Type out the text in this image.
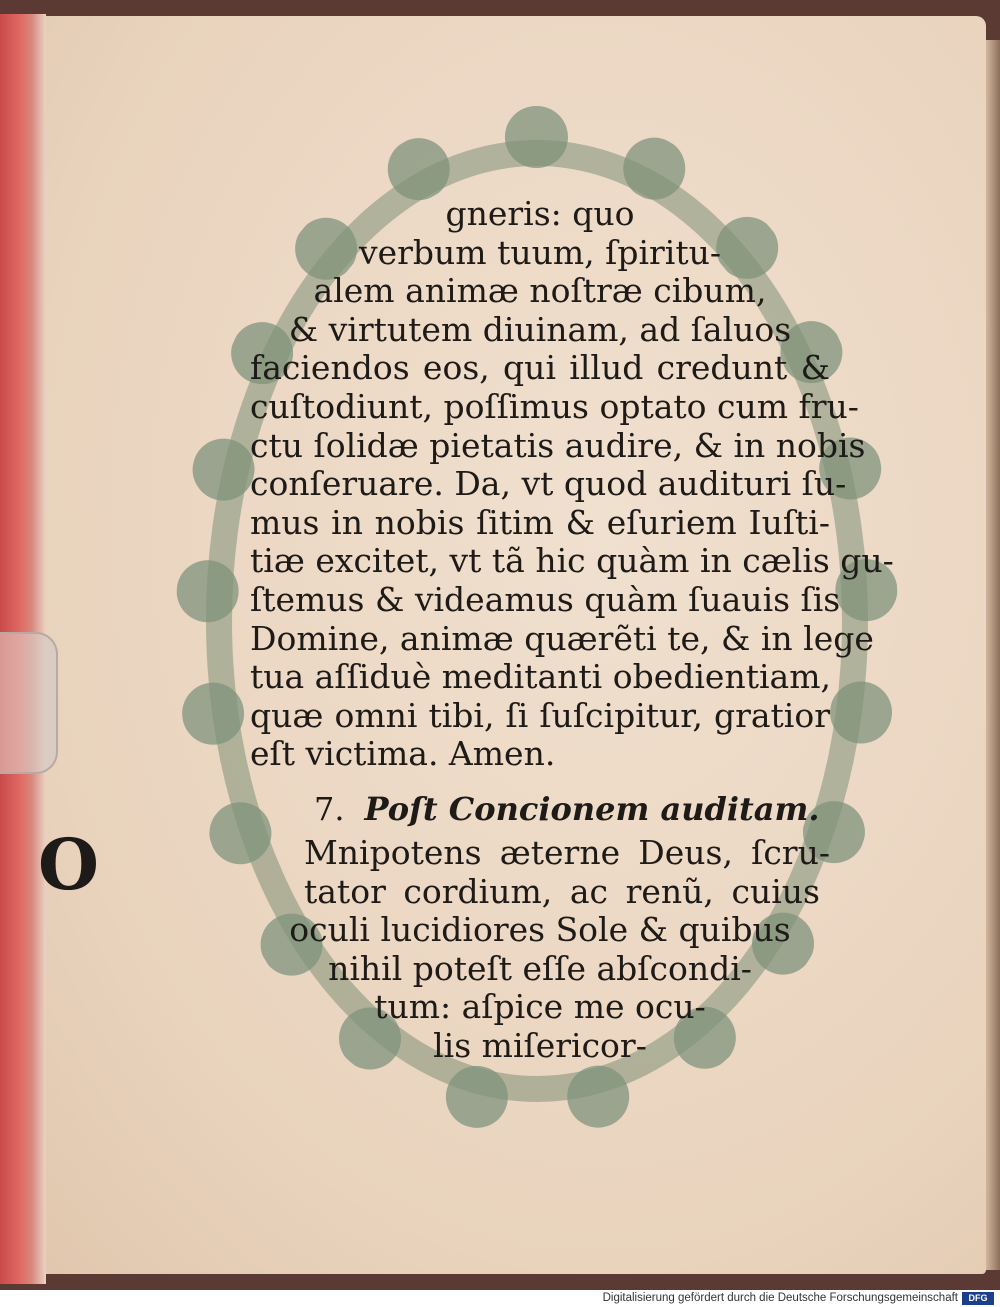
gneris: quo
verbum tuum, ſpiritu-
alem animæ noſtræ cibum,
& virtutem diuinam, ad ſaluos
faciendos eos, qui illud credunt &
cuſtodiunt, poſſimus optato cum fru-
ctu ſolidæ pietatis audire, & in nobis
conſeruare. Da, vt quod audituri ſu-
mus in nobis ſitim & eſuriem Iuſti-
tiæ excitet, vt tã hic quàm in cælis gu-
ſtemus & videamus quàm ſuauis ſis
Domine, animæ quærẽti te, & in lege
tua aſſiduè meditanti obedientiam,
quæ omni tibi, ſi ſuſcipitur, gratior
eſt victima. Amen.
7. Poſt Concionem auditam.
Mnipotens æterne Deus, ſcru-
tator cordium, ac renũ, cuius
oculi lucidiores Sole & quibus
nihil poteſt eſſe abſcondi-
tum: aſpice me ocu-
lis miſericor-
O
Digitalisierung gefördert durch die Deutsche Forschungsgemeinschaft	DFG
